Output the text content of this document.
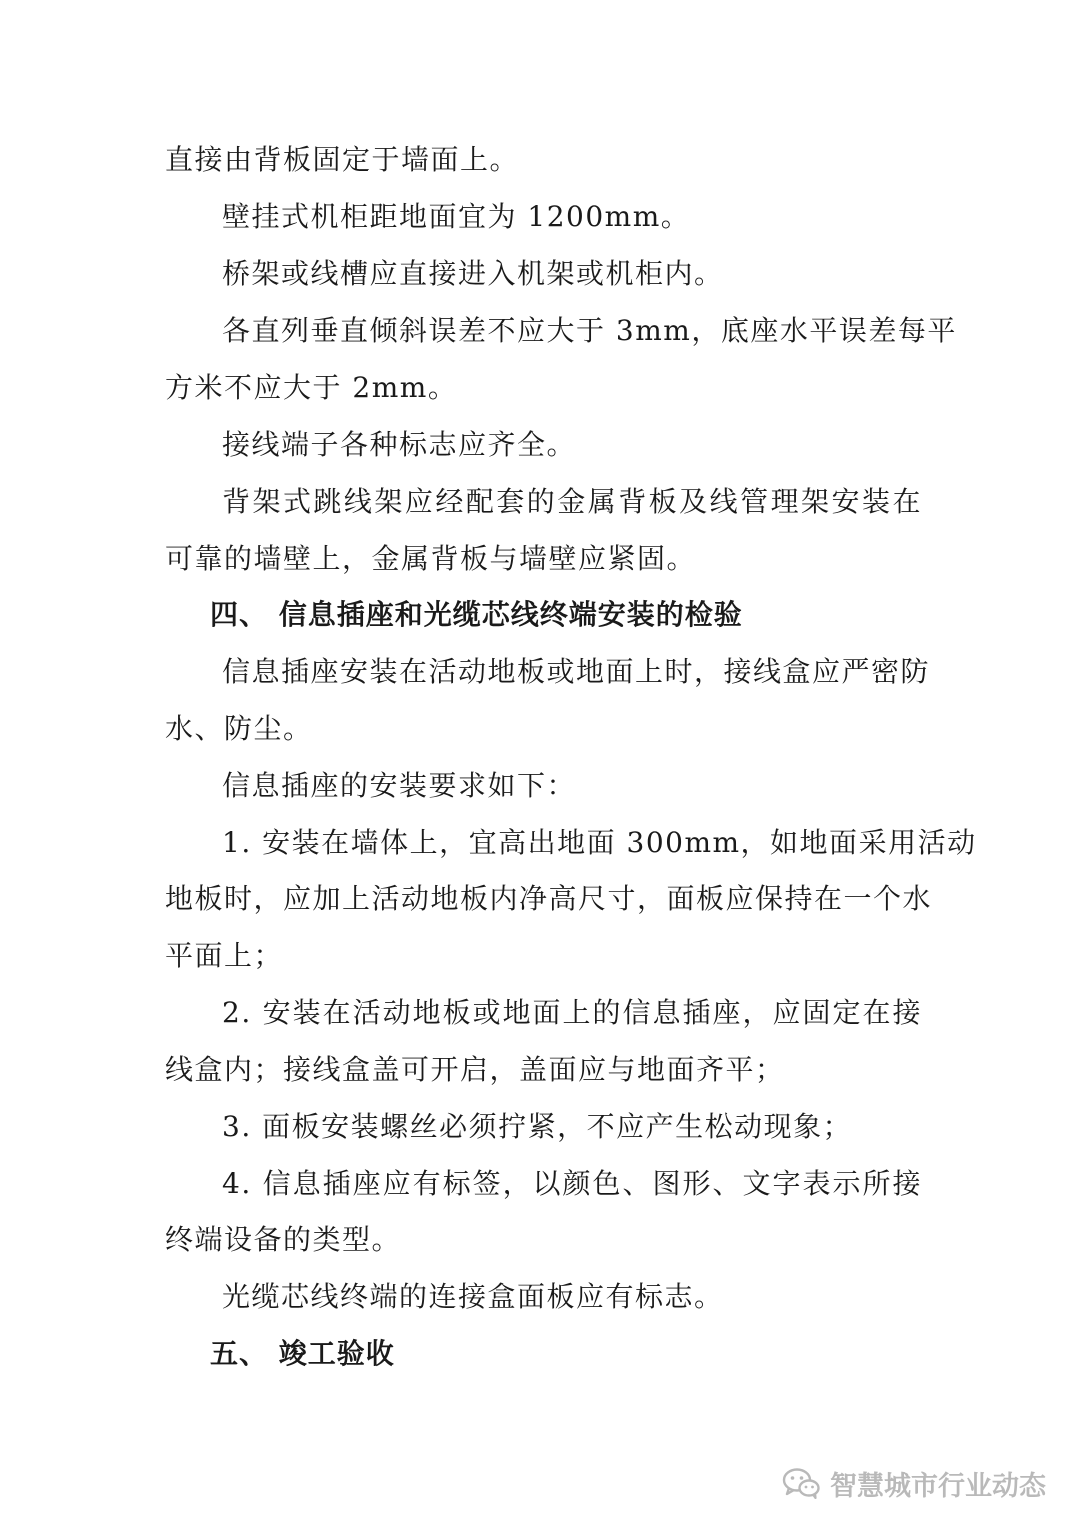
直接由背板固定于墙面上。
壁挂式机柜距地面宜为 1200mm。
桥架或线槽应直接进入机架或机柜内。
各直列垂直倾斜误差不应大于 3mm，底座水平误差每平
方米不应大于 2mm。
接线端子各种标志应齐全。
背架式跳线架应经配套的金属背板及线管理架安装在
可靠的墙壁上，金属背板与墙壁应紧固。
四、 信息插座和光缆芯线终端安装的检验
信息插座安装在活动地板或地面上时，接线盒应严密防
水、防尘。
信息插座的安装要求如下：
1. 安装在墙体上，宜高出地面 300mm，如地面采用活动
地板时，应加上活动地板内净高尺寸，面板应保持在一个水
平面上；
2. 安装在活动地板或地面上的信息插座，应固定在接
线盒内；接线盒盖可开启，盖面应与地面齐平；
3. 面板安装螺丝必须拧紧，不应产生松动现象；
4. 信息插座应有标签，以颜色、图形、文字表示所接
终端设备的类型。
光缆芯线终端的连接盒面板应有标志。
五、 竣工验收
智慧城市行业动态
